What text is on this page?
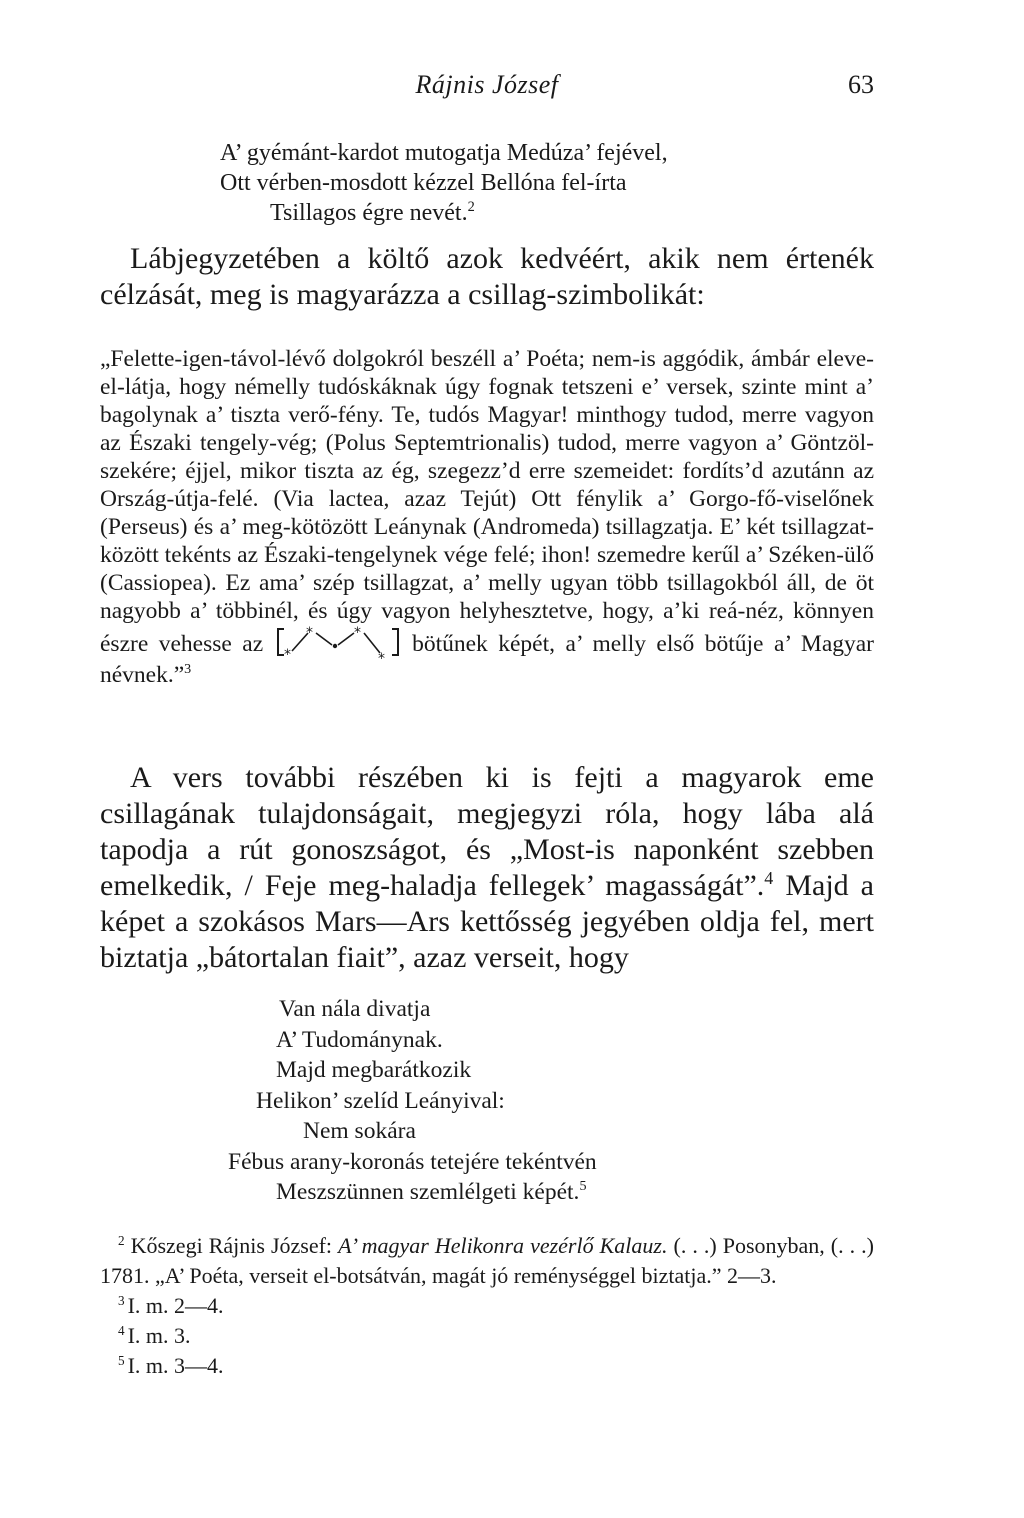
Rájnis József	63
A’ gyémánt-kardot mutogatja Medúza’ fejével,
Ott vérben-mosdott kézzel Bellóna fel-írta
Tsillagos égre nevét.$^2$
Lábjegyzetében a költő azok kedvéért, akik nem értenék célzását, meg is magyarázza a csillag-szimbolikát:
„Felette-igen-távol-lévő dolgokról beszéll a’ Poéta; nem-is aggódik, ámbár eleve-el-látja, hogy némelly tudóskáknak úgy fognak tetszeni e’ versek, szinte mint a’ bagolynak a’ tiszta verő-fény. Te, tudós Magyar! minthogy tudod, merre vagyon az Északi tengely-vég; (Polus Septemtrionalis) tudod, merre vagyon a’ Göntzöl-szekére; éjjel, mikor tiszta az ég, szegezz’d erre szemeidet: fordíts’d azutánn az Ország-útja-felé. (Via lactea, azaz Tejút) Ott fénylik a’ Gorgo-fő-viselőnek (Perseus) és a’ meg-kötözött Leánynak (Andromeda) tsillagzatja. E’ két tsillagzat-között tekénts az Északi-tengelynek vége felé; ihon! szemedre kerűl a’ Széken-ülő (Cassiopea). Ez ama’ szép tsillagzat, a’ melly ugyan több tsillagokból áll, de öt nagyobb a’ többinél, és úgy vagyon helyhesztetve, hogy, a’ki reá-néz, könnyen észre vehesse az *
*	*
*
bötűnek képét, a’ melly első bötűje a’ Magyar névnek.”$^3$
A vers további részében ki is fejti a magyarok eme csillagának tulajdonságait, megjegyzi róla, hogy lába alá tapodja a rút gonoszságot, és „Most-is naponként szebben emelkedik, / Feje meg-haladja fellegek’ magasságát”.$^4$ Majd a képet a szokásos Mars—Ars kettősség jegyében oldja fel, mert biztatja „bátortalan fiait”, azaz verseit, hogy
Van nála divatja
A’ Tudománynak.
Majd megbarátkozik
Helikon’ szelíd Leányival:
Nem sokára
Fébus arany-koronás tetejére tekéntvén
Meszszünnen szemlélgeti képét.$^5$
$^2$ Kőszegi Rájnis József: A’ magyar Helikonra vezérlő Kalauz. (. . .) Posonyban, (. . .) 1781. „A’ Poéta, verseit el-botsátván, magát jó reménységgel biztatja.” 2—3.
$^3$ I. m. 2—4.
$^4$ I. m. 3.
$^5$ I. m. 3—4.
